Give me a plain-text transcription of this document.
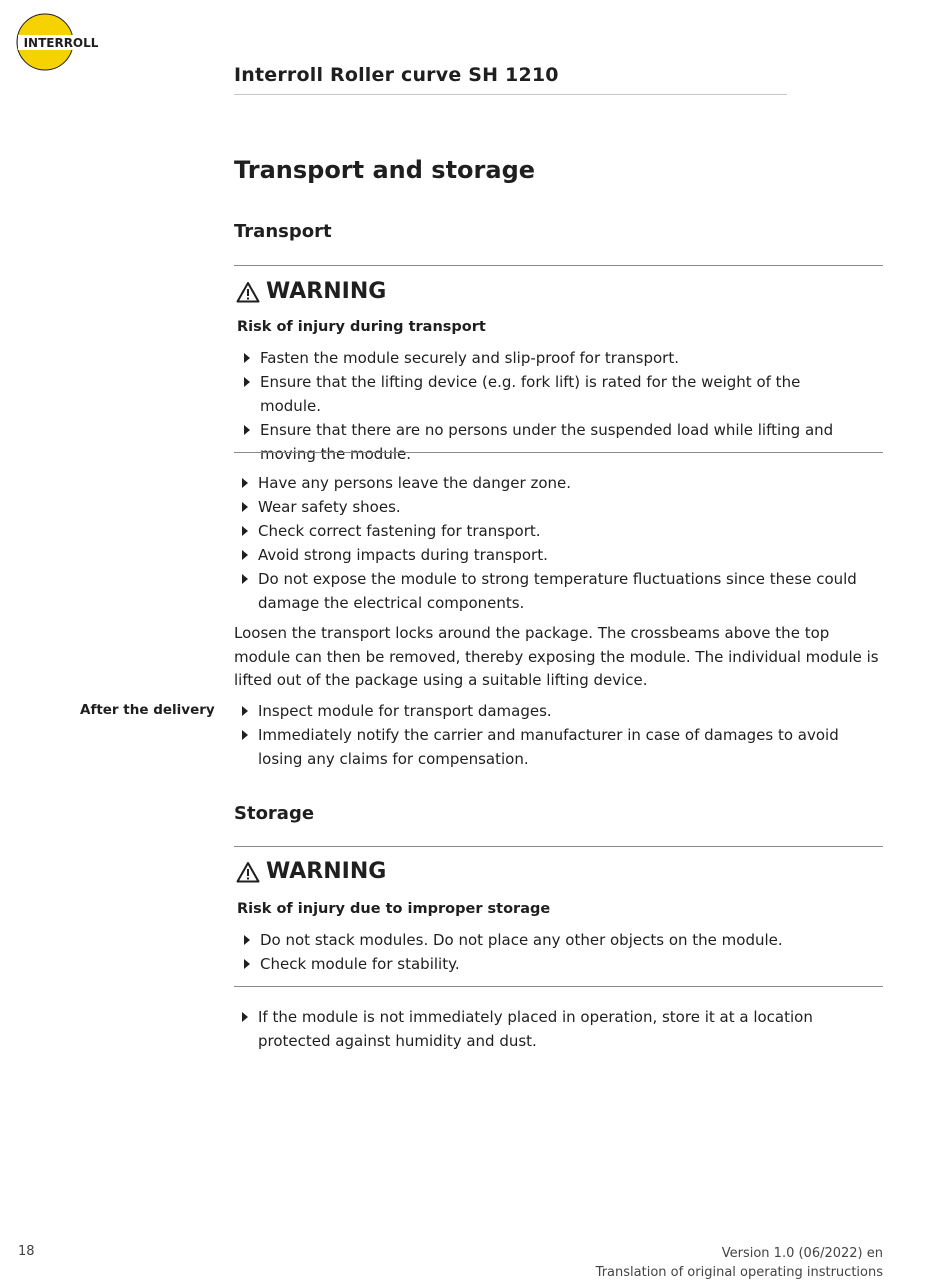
INTERROLL
Interroll Roller curve SH 1210
Transport and storage
Transport
WARNING
Risk of injury during transport
Fasten the module securely and slip-proof for transport.
Ensure that the lifting device (e.g. fork lift) is rated for the weight of the module.
Ensure that there are no persons under the suspended load while lifting and moving the module.
Have any persons leave the danger zone.
Wear safety shoes.
Check correct fastening for transport.
Avoid strong impacts during transport.
Do not expose the module to strong temperature fluctuations since these could damage the electrical components.
Loosen the transport locks around the package. The crossbeams above the top module can then be removed, thereby exposing the module. The individual module is lifted out of the package using a suitable lifting device.
After the delivery	Inspect module for transport damages.
Immediately notify the carrier and manufacturer in case of damages to avoid losing any claims for compensation.
Storage
WARNING
Risk of injury due to improper storage
Do not stack modules. Do not place any other objects on the module.
Check module for stability.
If the module is not immediately placed in operation, store it at a location protected against humidity and dust.
18	Version 1.0 (06/2022) en
Translation of original operating instructions
